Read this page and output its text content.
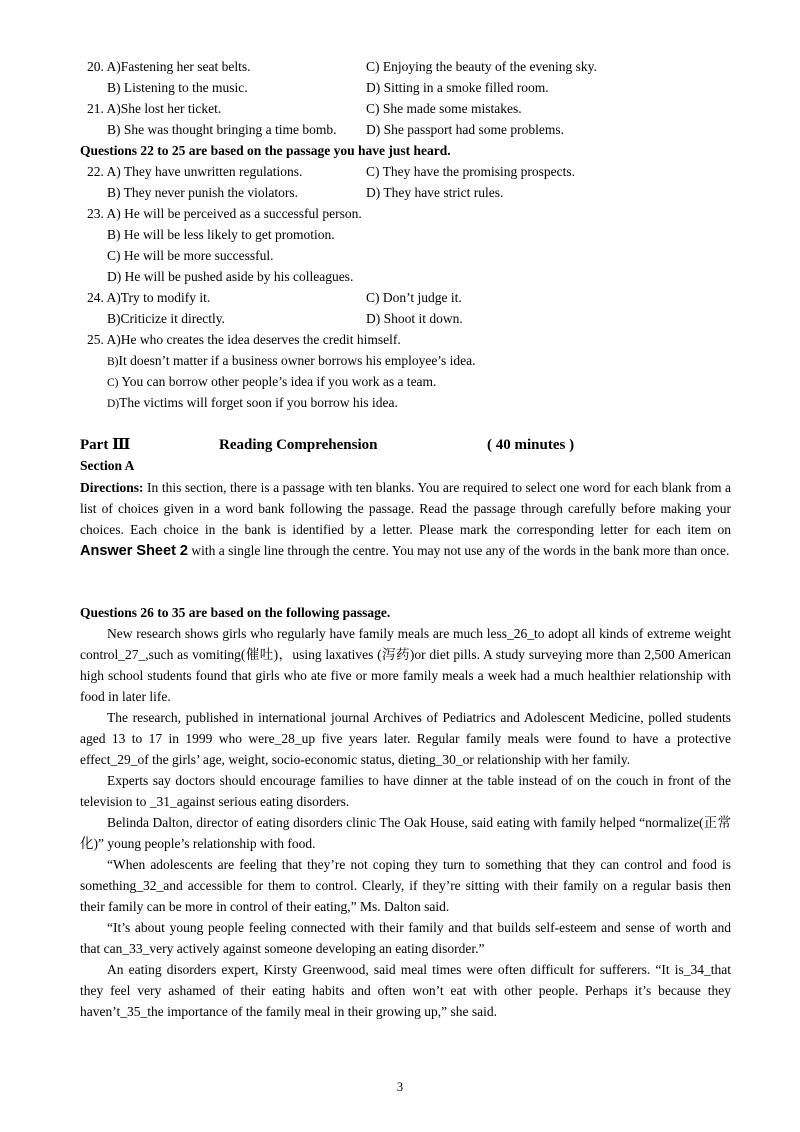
20. A)Fastening her seat belts.	C) Enjoying the beauty of the evening sky.
B) Listening to the music.	D) Sitting in a smoke filled room.
21. A)She lost her ticket.	C) She made some mistakes.
B) She was thought bringing a time bomb. D) She passport had some problems.
Questions 22 to 25 are based on the passage you have just heard.
22. A) They have unwritten regulations.	C) They have the promising prospects.
B) They never punish the violators.	D) They have strict rules.
23. A) He will be perceived as a successful person.
B) He will be less likely to get promotion.
C) He will be more successful.
D) He will be pushed aside by his colleagues.
24. A)Try to modify it.	C) Don’t judge it.
B)Criticize it directly.	D) Shoot it down.
25. A)He who creates the idea deserves the credit himself.
B)It doesn’t matter if a business owner borrows his employee’s idea.
C) You can borrow other people’s idea if you work as a team.
D)The victims will forget soon if you borrow his idea.
Part Ⅲ	Reading Comprehension	( 40 minutes )
Section A

Directions: In this section, there is a passage with ten blanks. You are required to select one word for each blank from a list of choices given in a word bank following the passage. Read the passage through carefully before making your choices. Each choice in the bank is identified by a letter. Please mark the corresponding letter for each item on Answer Sheet 2 with a single line through the centre. You may not use any of the words in the bank more than once.

Questions 26 to 35 are based on the following passage.

New research shows girls who regularly have family meals are much less_26_to adopt all kinds of extreme weight control_27_,such as vomiting(催吐)，using laxatives (泻药)or diet pills. A study surveying more than 2,500 American high school students found that girls who ate five or more family meals a week had a much healthier relationship with food in later life.

The research, published in international journal Archives of Pediatrics and Adolescent Medicine, polled students aged 13 to 17 in 1999 who were_28_up five years later. Regular family meals were found to have a protective effect_29_of the girls’ age, weight, socio-economic status, dieting_30_or relationship with her family.

Experts say doctors should encourage families to have dinner at the table instead of on the couch in front of the television to _31_against serious eating disorders.

Belinda Dalton, director of eating disorders clinic The Oak House, said eating with family helped “normalize(正常化)” young people’s relationship with food.

“When adolescents are feeling that they’re not coping they turn to something that they can control and food is something_32_and accessible for them to control. Clearly, if they’re sitting with their family on a regular basis then their family can be more in control of their eating,” Ms. Dalton said.

“It’s about young people feeling connected with their family and that builds self-esteem and sense of worth and that can_33_very actively against someone developing an eating disorder.”

An eating disorders expert, Kirsty Greenwood, said meal times were often difficult for sufferers. “It is_34_that they feel very ashamed of their eating habits and often won’t eat with other people. Perhaps it’s because they haven’t_35_the importance of the family meal in their growing up,” she said.

3
